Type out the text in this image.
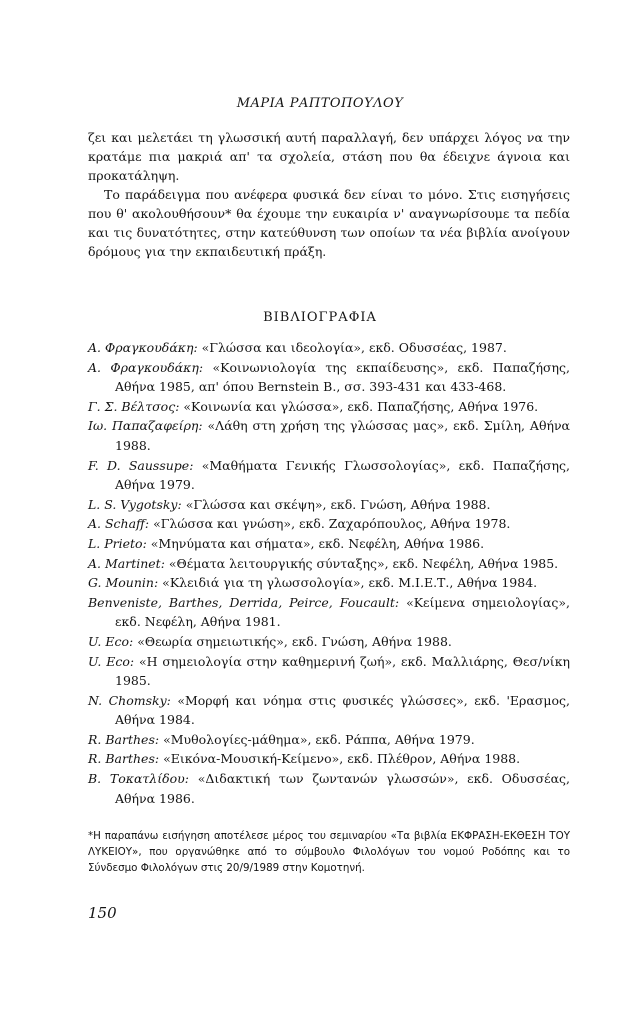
ΜΑΡΙΑ ΡΑΠΤΟΠΟΥΛΟΥ

ζει και μελετάει τη γλωσσική αυτή παραλλαγή, δεν υπάρχει λόγος να την κρατάμε πια μακριά απ' τα σχολεία, στάση που θα έδειχνε άγνοια και προκατάληψη.

Το παράδειγμα που ανέφερα φυσικά δεν είναι το μόνο. Στις εισηγήσεις που θ' ακολουθήσουν* θα έχουμε την ευκαιρία ν' αναγνωρίσουμε τα πεδία και τις δυνατότητες, στην κατεύθυνση των οποίων τα νέα βιβλία ανοίγουν δρόμους για την εκπαιδευτική πράξη.

ΒΙΒΛΙΟΓΡΑΦΙΑ

Α. Φραγκουδάκη: «Γλώσσα και ιδεολογία», εκδ. Οδυσσέας, 1987.

Α. Φραγκουδάκη: «Κοινωνιολογία της εκπαίδευσης», εκδ. Παπαζήσης, Αθήνα 1985, απ' όπου Bernstein B., σσ. 393-431 και 433-468.

Γ. Σ. Βέλτσος: «Κοινωνία και γλώσσα», εκδ. Παπαζήσης, Αθήνα 1976.

Ιω. Παπαζαφείρη: «Λάθη στη χρήση της γλώσσας μας», εκδ. Σμίλη, Αθήνα 1988.

F. D. Saussupe: «Μαθήματα Γενικής Γλωσσολογίας», εκδ. Παπαζήσης, Αθήνα 1979.

L. S. Vygotsky: «Γλώσσα και σκέψη», εκδ. Γνώση, Αθήνα 1988.

A. Schaff: «Γλώσσα και γνώση», εκδ. Ζαχαρόπουλος, Αθήνα 1978.

L. Prieto: «Μηνύματα και σήματα», εκδ. Νεφέλη, Αθήνα 1986.

A. Martinet: «Θέματα λειτουργικής σύνταξης», εκδ. Νεφέλη, Αθήνα 1985.

G. Mounin: «Κλειδιά για τη γλωσσολογία», εκδ. Μ.Ι.Ε.Τ., Αθήνα 1984.

Benveniste, Barthes, Derrida, Peirce, Foucault: «Κείμενα σημειολογίας», εκδ. Νεφέλη, Αθήνα 1981.

U. Eco: «Θεωρία σημειωτικής», εκδ. Γνώση, Αθήνα 1988.

U. Eco: «Η σημειολογία στην καθημερινή ζωή», εκδ. Μαλλιάρης, Θεσ/νίκη 1985.

N. Chomsky: «Μορφή και νόημα στις φυσικές γλώσσες», εκδ. 'Ερασμος, Αθήνα 1984.

R. Barthes: «Μυθολογίες-μάθημα», εκδ. Ράππα, Αθήνα 1979.

R. Barthes: «Εικόνα-Μουσική-Κείμενο», εκδ. Πλέθρον, Αθήνα 1988.

Β. Τοκατλίδου: «Διδακτική των ζωντανών γλωσσών», εκδ. Οδυσσέας, Αθήνα 1986.

*Η παραπάνω εισήγηση αποτέλεσε μέρος του σεμιναρίου «Τα βιβλία ΕΚΦΡΑΣΗ-ΕΚΘΕΣΗ ΤΟΥ ΛΥΚΕΙΟΥ», που οργανώθηκε από το σύμβουλο Φιλολόγων του νομού Ροδόπης και το Σύνδεσμο Φιλολόγων στις 20/9/1989 στην Κομοτηνή.
150
